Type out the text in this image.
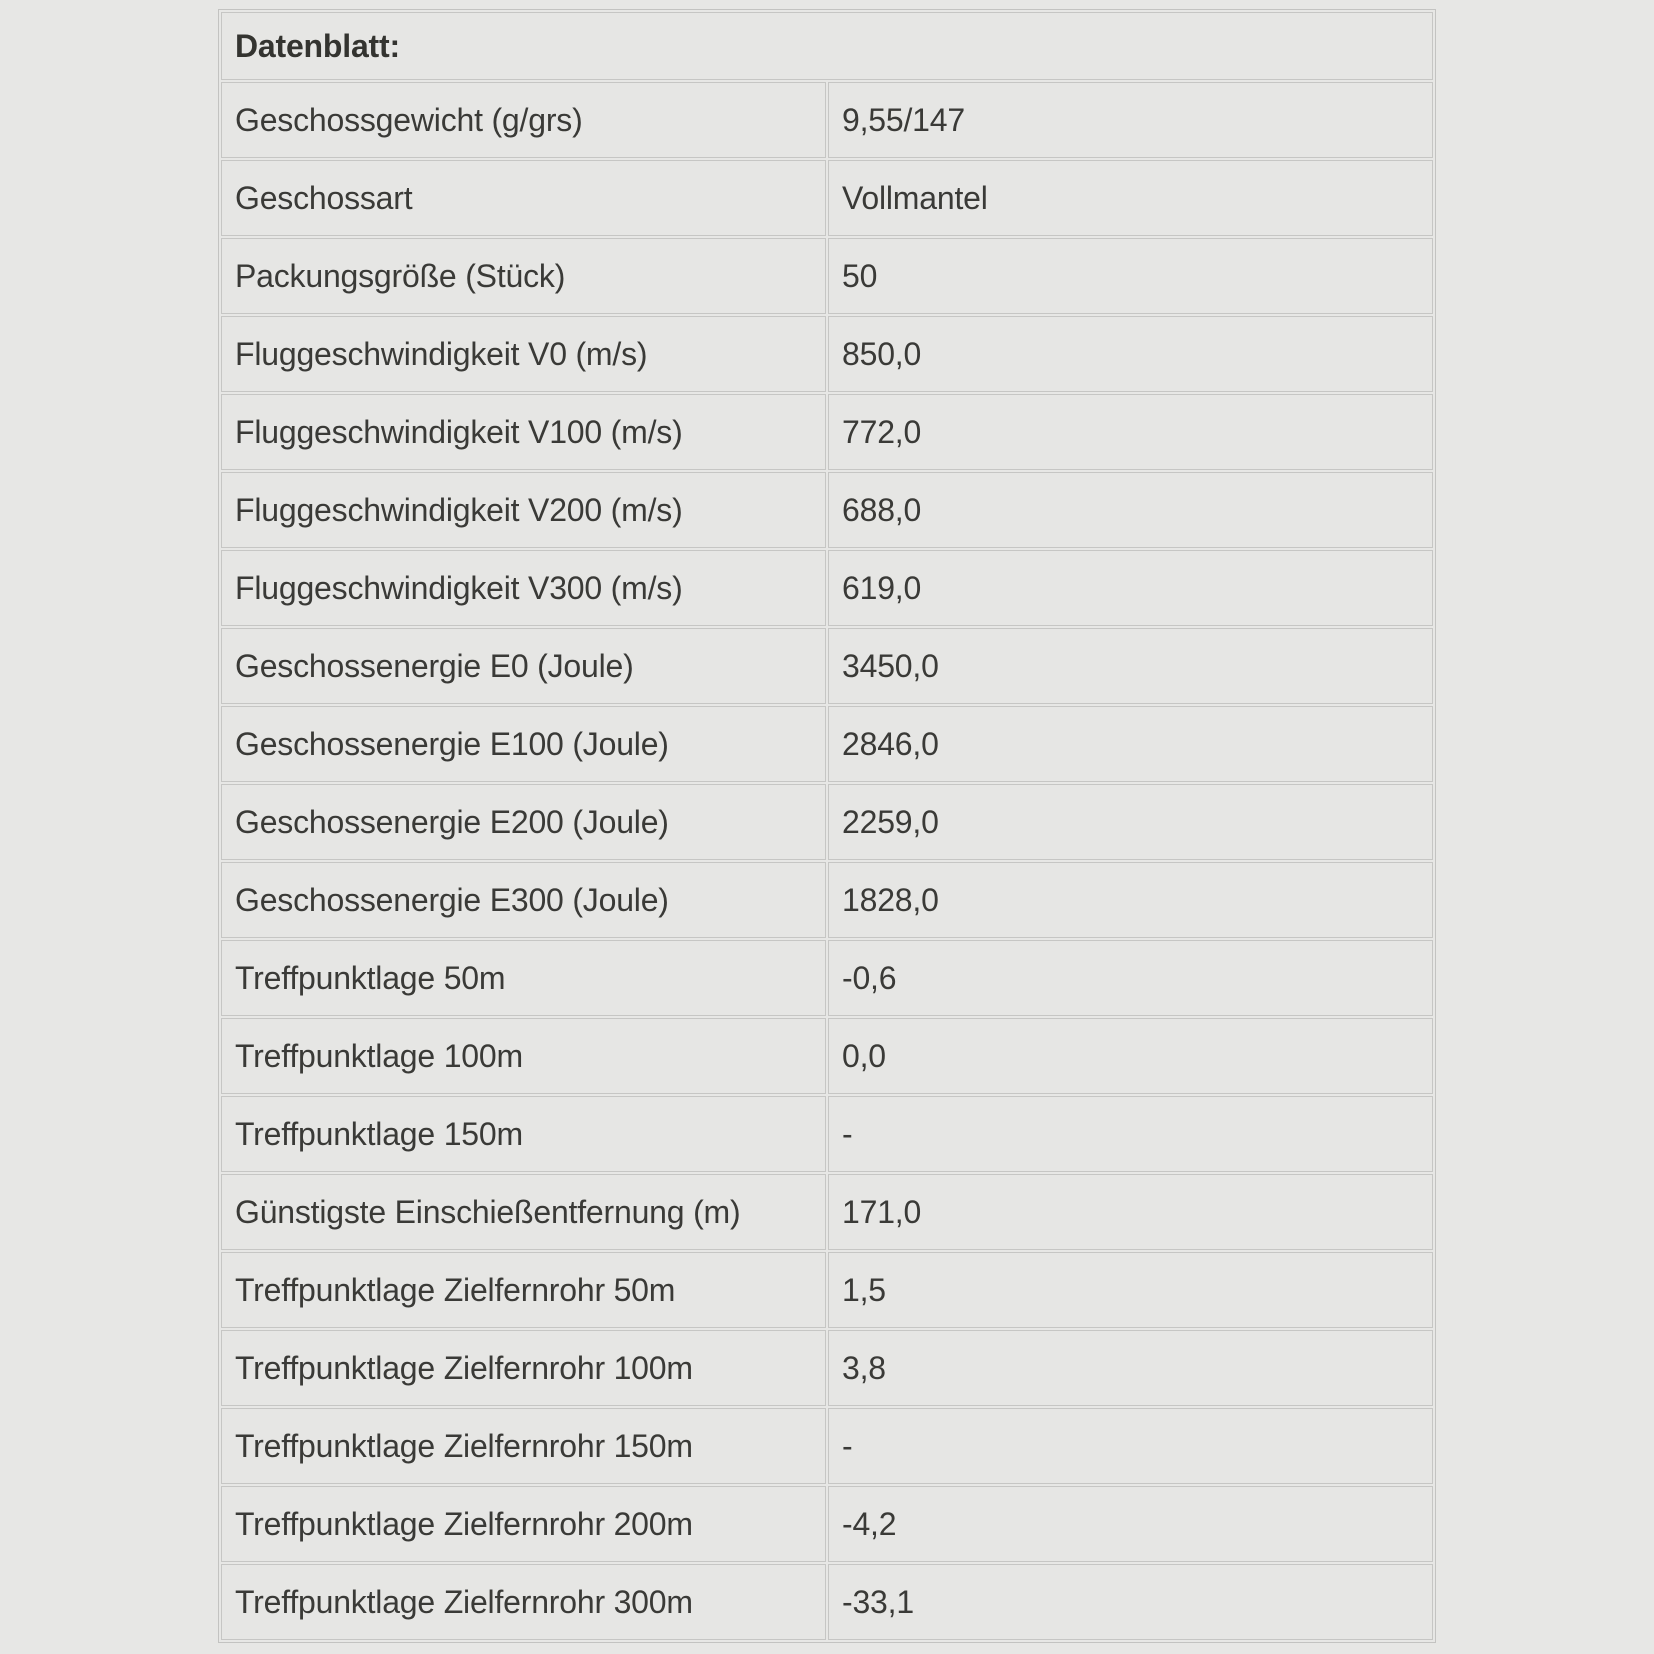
Datenblatt:	
Geschossgewicht (g/grs)	9,55/147
Geschossart	Vollmantel
Packungsgröße (Stück)	50
Fluggeschwindigkeit V0 (m/s)	850,0
Fluggeschwindigkeit V100 (m/s)	772,0
Fluggeschwindigkeit V200 (m/s)	688,0
Fluggeschwindigkeit V300 (m/s)	619,0
Geschossenergie E0 (Joule)	3450,0
Geschossenergie E100 (Joule)	2846,0
Geschossenergie E200 (Joule)	2259,0
Geschossenergie E300 (Joule)	1828,0
Treffpunktlage 50m	-0,6
Treffpunktlage 100m	0,0
Treffpunktlage 150m	-
Günstigste Einschießentfernung (m)	171,0
Treffpunktlage Zielfernrohr 50m	1,5
Treffpunktlage Zielfernrohr 100m	3,8
Treffpunktlage Zielfernrohr 150m	-
Treffpunktlage Zielfernrohr 200m	-4,2
Treffpunktlage Zielfernrohr 300m	-33,1
